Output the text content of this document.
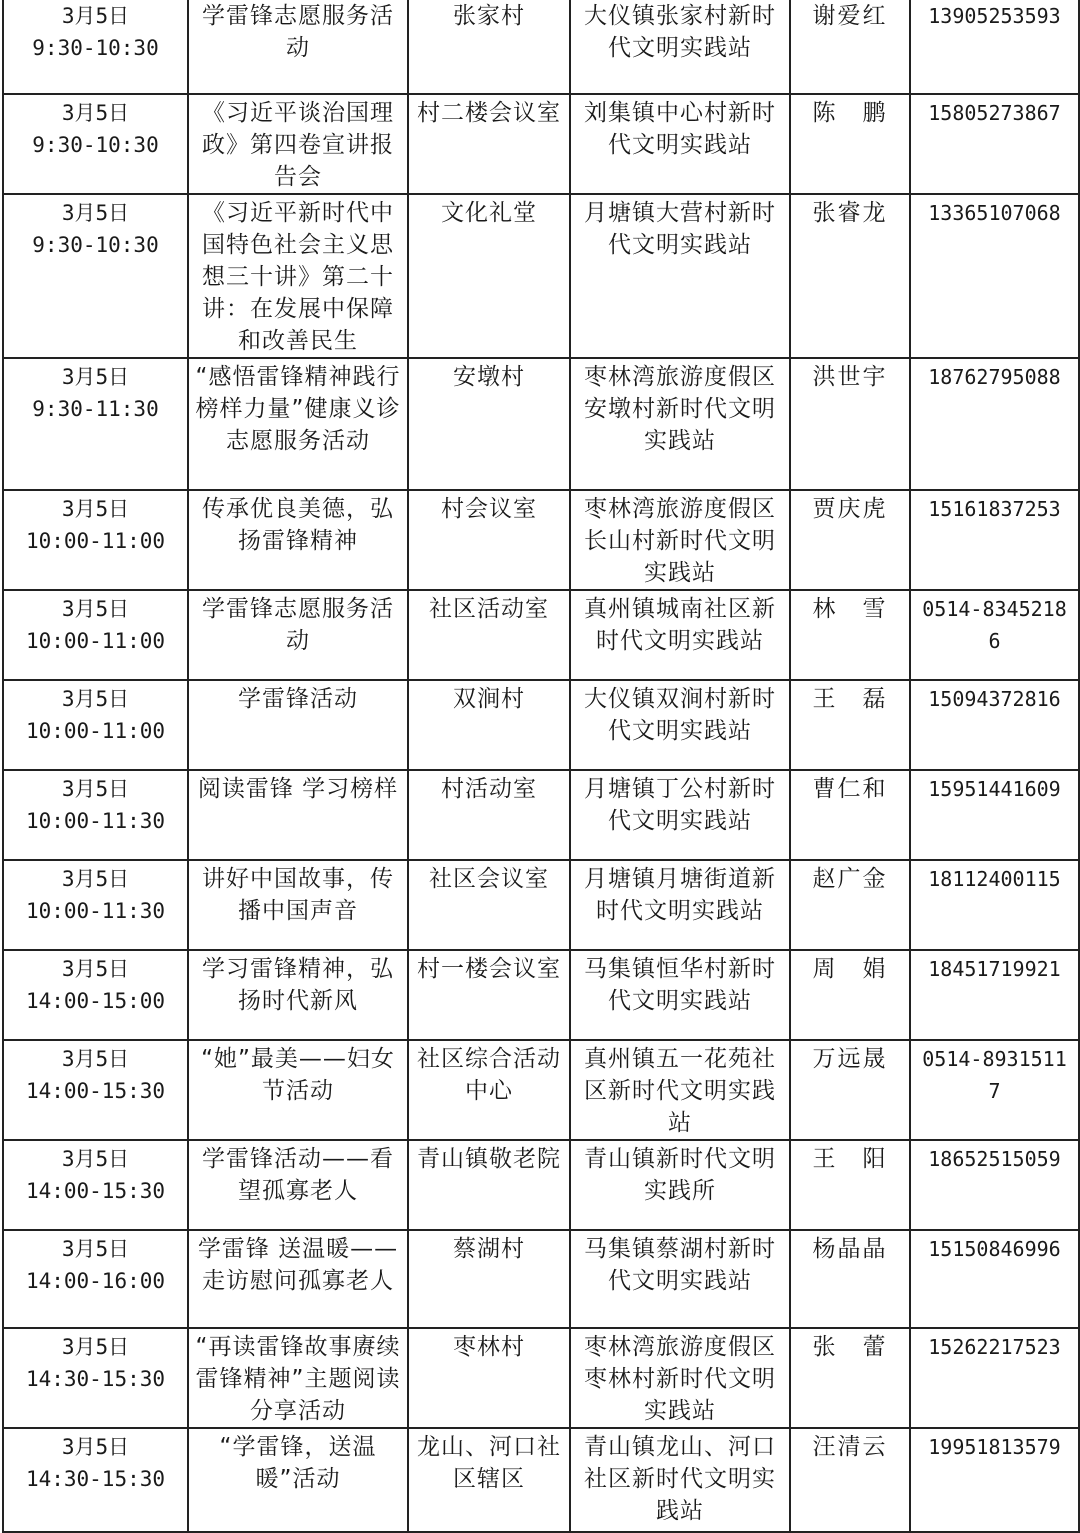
3月5日
9:30-10:30	学雷锋志愿服务活动	张家村	大仪镇张家村新时代文明实践站	谢爱红	13905253593

3月5日
9:30-10:30	《习近平谈治国理政》第四卷宣讲报告会	村二楼会议室	刘集镇中心村新时代文明实践站	陈　鹏	15805273867

3月5日
9:30-10:30	《习近平新时代中国特色社会主义思想三十讲》第二十讲：在发展中保障和改善民生	文化礼堂	月塘镇大营村新时代文明实践站	张睿龙	13365107068

3月5日
9:30-11:30	“感悟雷锋精神践行榜样力量”健康义诊志愿服务活动	安墩村	枣林湾旅游度假区安墩村新时代文明实践站	洪世宇	18762795088

3月5日
10:00-11:00	传承优良美德，弘扬雷锋精神	村会议室	枣林湾旅游度假区长山村新时代文明实践站	贾庆虎	15161837253

3月5日
10:00-11:00	学雷锋志愿服务活动	社区活动室	真州镇城南社区新时代文明实践站	林　雪	0514-83452186

3月5日
10:00-11:00	学雷锋活动	双涧村	大仪镇双涧村新时代文明实践站	王　磊	15094372816

3月5日
10:00-11:30	阅读雷锋 学习榜样	村活动室	月塘镇丁公村新时代文明实践站	曹仁和	15951441609

3月5日
10:00-11:30	讲好中国故事，传播中国声音	社区会议室	月塘镇月塘街道新时代文明实践站	赵广金	18112400115

3月5日
14:00-15:00	学习雷锋精神，弘扬时代新风	村一楼会议室	马集镇恒华村新时代文明实践站	周　娟	18451719921

3月5日
14:00-15:30	“她”最美——妇女节活动	社区综合活动中心	真州镇五一花苑社区新时代文明实践站	万远晟	0514-89315117

3月5日
14:00-15:30	学雷锋活动——看望孤寡老人	青山镇敬老院	青山镇新时代文明实践所	王　阳	18652515059

3月5日
14:00-16:00	学雷锋 送温暖——走访慰问孤寡老人	蔡湖村	马集镇蔡湖村新时代文明实践站	杨晶晶	15150846996

3月5日
14:30-15:30	“再读雷锋故事赓续雷锋精神”主题阅读分享活动	枣林村	枣林湾旅游度假区枣林村新时代文明实践站	张　蕾	15262217523

3月5日
14:30-15:30	“学雷锋，送温暖”活动	龙山、河口社区辖区	青山镇龙山、河口社区新时代文明实践站	汪清云	19951813579
